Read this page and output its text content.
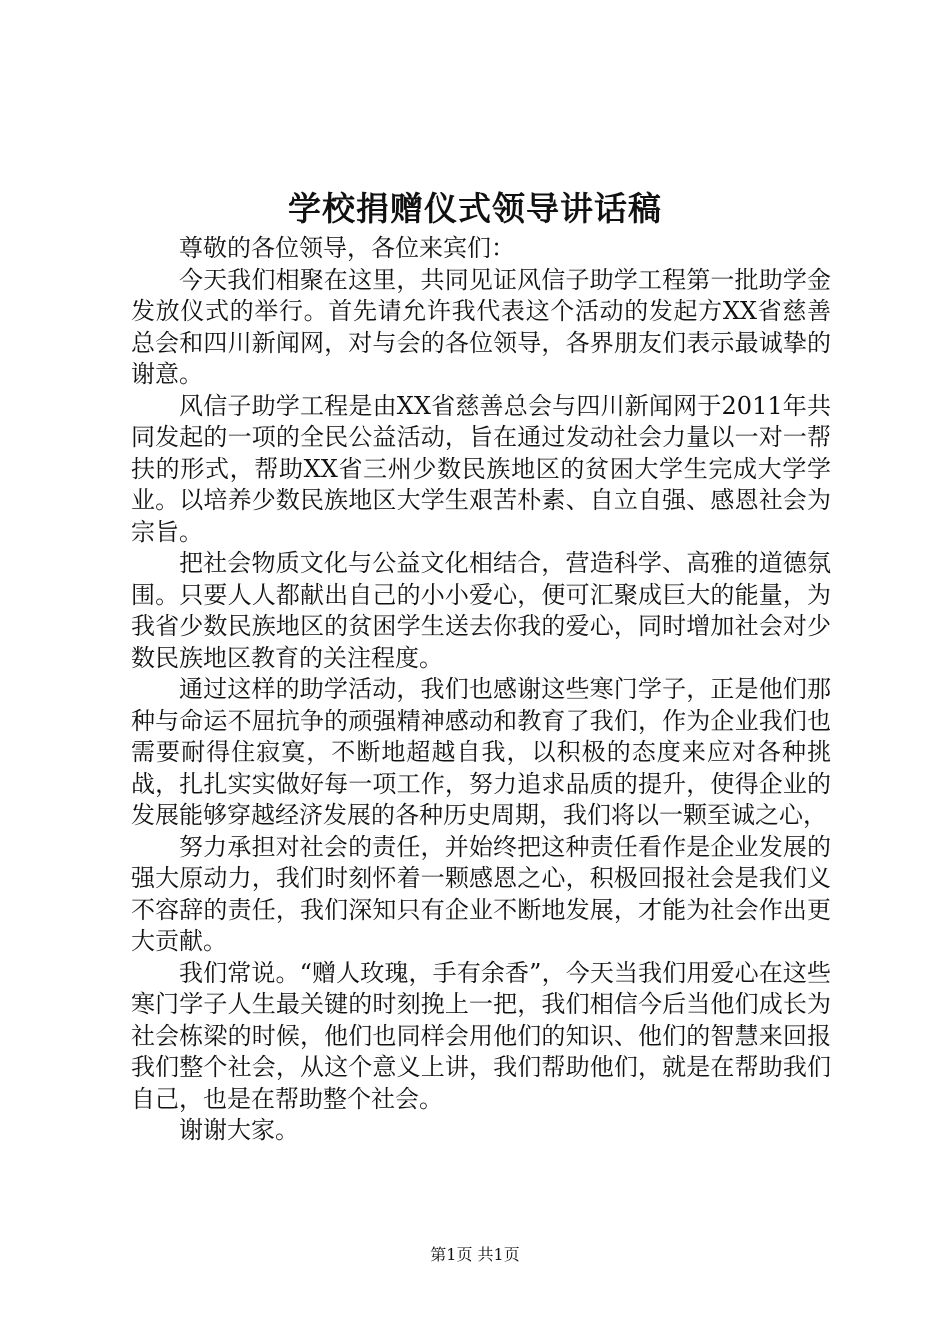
学校捐赠仪式领导讲话稿

尊敬的各位领导，各位来宾们：

今天我们相聚在这里，共同见证风信子助学工程第一批助学金发放仪式的举行。首先请允许我代表这个活动的发起方XX省慈善总会和四川新闻网，对与会的各位领导，各界朋友们表示最诚挚的谢意。

风信子助学工程是由XX省慈善总会与四川新闻网于2011年共同发起的一项的全民公益活动，旨在通过发动社会力量以一对一帮扶的形式，帮助XX省三州少数民族地区的贫困大学生完成大学学业。以培养少数民族地区大学生艰苦朴素、自立自强、感恩社会为宗旨。

把社会物质文化与公益文化相结合，营造科学、高雅的道德氛围。只要人人都献出自己的小小爱心，便可汇聚成巨大的能量，为我省少数民族地区的贫困学生送去你我的爱心，同时增加社会对少数民族地区教育的关注程度。

通过这样的助学活动，我们也感谢这些寒门学子，正是他们那种与命运不屈抗争的顽强精神感动和教育了我们，作为企业我们也需要耐得住寂寞，不断地超越自我，以积极的态度来应对各种挑战，扎扎实实做好每一项工作，努力追求品质的提升，使得企业的发展能够穿越经济发展的各种历史周期，我们将以一颗至诚之心，

努力承担对社会的责任，并始终把这种责任看作是企业发展的强大原动力，我们时刻怀着一颗感恩之心，积极回报社会是我们义不容辞的责任，我们深知只有企业不断地发展，才能为社会作出更大贡献。

我们常说。“赠人玫瑰，手有余香”，今天当我们用爱心在这些寒门学子人生最关键的时刻挽上一把，我们相信今后当他们成长为社会栋梁的时候，他们也同样会用他们的知识、他们的智慧来回报我们整个社会，从这个意义上讲，我们帮助他们，就是在帮助我们自己，也是在帮助整个社会。

谢谢大家。

第1页 共1页
